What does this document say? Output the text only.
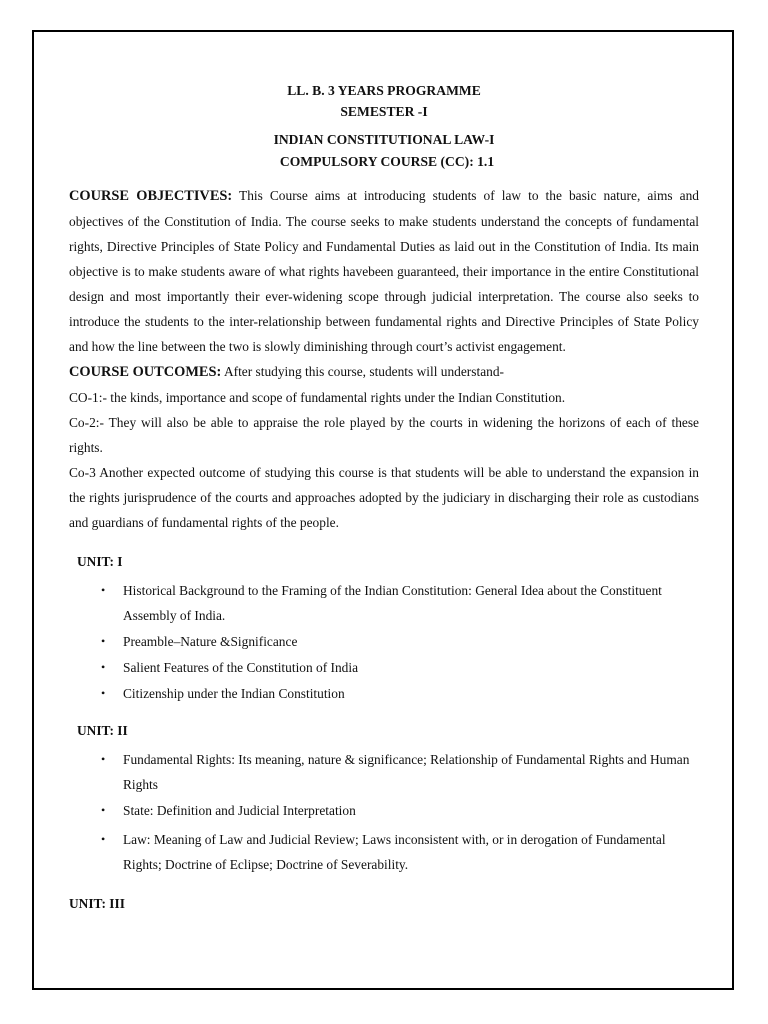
LL. B. 3 YEARS PROGRAMME
SEMESTER -I
INDIAN CONSTITUTIONAL LAW-I
COMPULSORY COURSE (CC): 1.1

COURSE OBJECTIVES: This Course aims at introducing students of law to the basic nature, aims and objectives of the Constitution of India. The course seeks to make students understand the concepts of fundamental rights, Directive Principles of State Policy and Fundamental Duties as laid out in the Constitution of India. Its main objective is to make students aware of what rights havebeen guaranteed, their importance in the entire Constitutional design and most importantly their ever-widening scope through judicial interpretation. The course also seeks to introduce the students to the inter-relationship between fundamental rights and Directive Principles of State Policy and how the line between the two is slowly diminishing through court’s activist engagement.

COURSE OUTCOMES: After studying this course, students will understand-

CO-1:- the kinds, importance and scope of fundamental rights under the Indian Constitution.

Co-2:- They will also be able to appraise the role played by the courts in widening the horizons of each of these rights.

Co-3 Another expected outcome of studying this course is that students will be able to understand the expansion in the rights jurisprudence of the courts and approaches adopted by the judiciary in discharging their role as custodians and guardians of fundamental rights of the people.

UNIT: I
• Historical Background to the Framing of the Indian Constitution: General Idea about the Constituent Assembly of India.
• Preamble–Nature &Significance
• Salient Features of the Constitution of India
• Citizenship under the Indian Constitution
UNIT: II
• Fundamental Rights: Its meaning, nature & significance; Relationship of Fundamental Rights and Human Rights
• State: Definition and Judicial Interpretation
• Law: Meaning of Law and Judicial Review; Laws inconsistent with, or in derogation of Fundamental Rights; Doctrine of Eclipse; Doctrine of Severability.
UNIT: III
